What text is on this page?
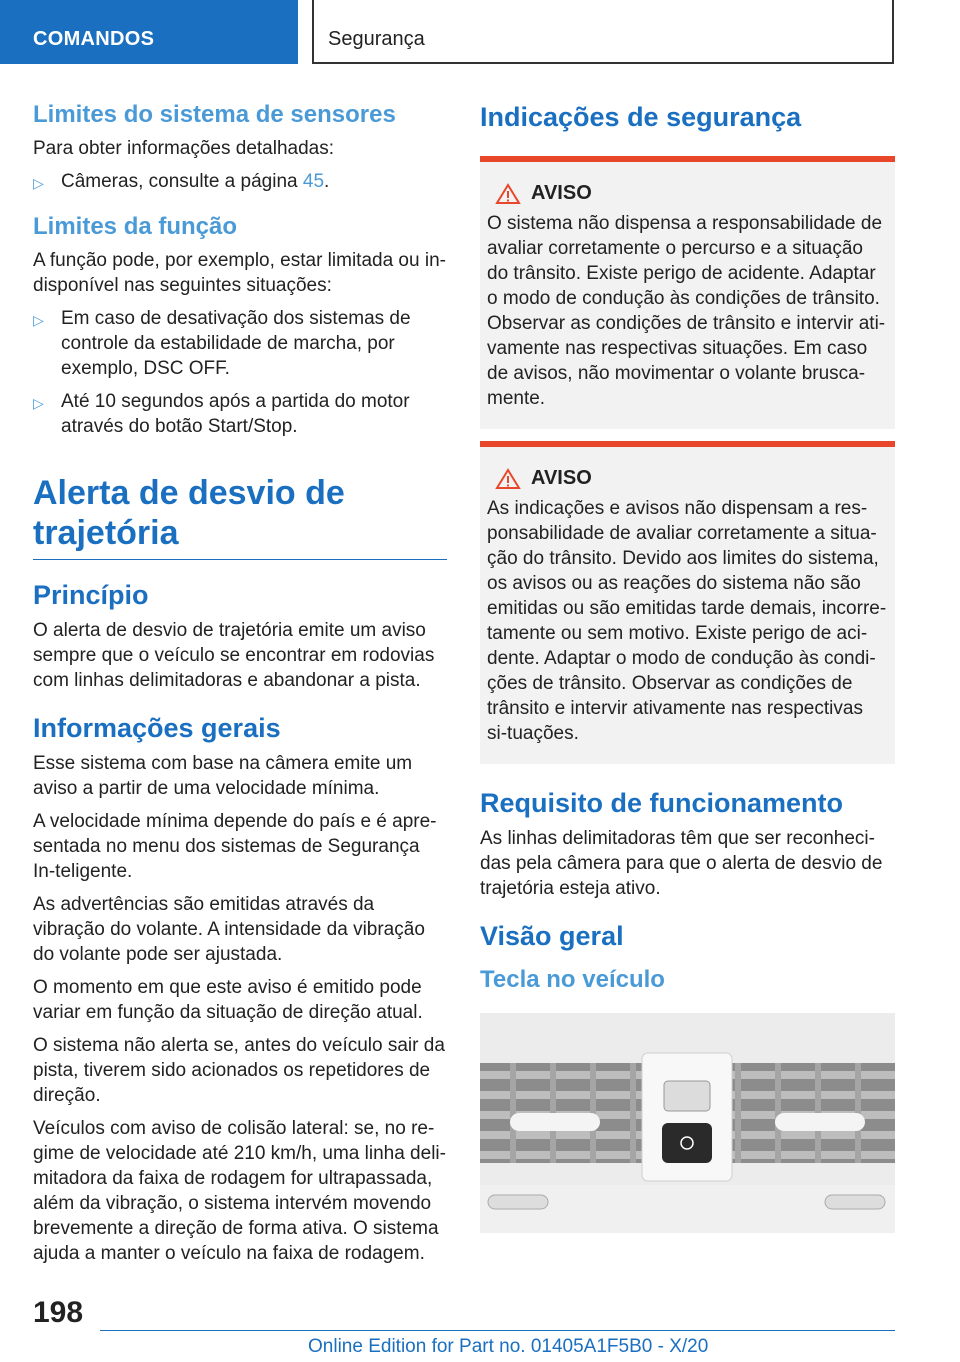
COMANDOS	Segurança
Limites do sistema de sensores

Para obter informações detalhadas:

▷ Câmeras, consulte a página 45.
Limites da função

A função pode, por exemplo, estar limitada ou in-disponível nas seguintes situações:

▷ Em caso de desativação dos sistemas de controle da estabilidade de marcha, por exemplo, DSC OFF.
▷ Até 10 segundos após a partida do motor através do botão Start/Stop.
Alerta de desvio de trajetória
Princípio

O alerta de desvio de trajetória emite um aviso sempre que o veículo se encontrar em rodovias com linhas delimitadoras e abandonar a pista.

Informações gerais

Esse sistema com base na câmera emite um aviso a partir de uma velocidade mínima.

A velocidade mínima depende do país e é apre-sentada no menu dos sistemas de Segurança In-teligente.

As advertências são emitidas através da vibração do volante. A intensidade da vibração do volante pode ser ajustada.

O momento em que este aviso é emitido pode variar em função da situação de direção atual.

O sistema não alerta se, antes do veículo sair da pista, tiverem sido acionados os repetidores de direção.

Veículos com aviso de colisão lateral: se, no re-gime de velocidade até 210 km/h, uma linha deli-mitadora da faixa de rodagem for ultrapassada, além da vibração, o sistema intervém movendo brevemente a direção de forma ativa. O sistema ajuda a manter o veículo na faixa de rodagem.

Indicações de segurança
AVISO

O sistema não dispensa a responsabilidade de avaliar corretamente o percurso e a situação do trânsito. Existe perigo de acidente. Adaptar o modo de condução às condições de trânsito. Observar as condições de trânsito e intervir ati-vamente nas respectivas situações. Em caso de avisos, não movimentar o volante brusca-mente.

AVISO

As indicações e avisos não dispensam a res-ponsabilidade de avaliar corretamente a situa-ção do trânsito. Devido aos limites do sistema, os avisos ou as reações do sistema não são emitidas ou são emitidas tarde demais, incorre-tamente ou sem motivo. Existe perigo de aci-dente. Adaptar o modo de condução às condi-ções de trânsito. Observar as condições de trânsito e intervir ativamente nas respectivas si-tuações.

Requisito de funcionamento

As linhas delimitadoras têm que ser reconheci-das pela câmera para que o alerta de desvio de trajetória esteja ativo.

Visão geral
Tecla no veículo
198
Online Edition for Part no. 01405A1F5B0 - X/20
